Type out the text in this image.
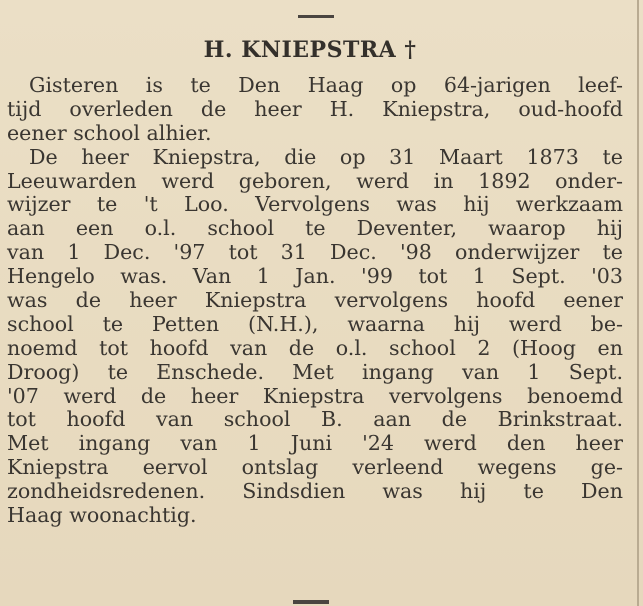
H. KNIEPSTRA †
Gisteren is te Den Haag op 64-jarigen leef-
tijd overleden de heer H. Kniepstra, oud-hoofd
eener school alhier.
De heer Kniepstra, die op 31 Maart 1873 te
Leeuwarden werd geboren, werd in 1892 onder-
wijzer te 't Loo. Vervolgens was hij werkzaam
aan een o.l. school te Deventer, waarop hij
van 1 Dec. '97 tot 31 Dec. '98 onderwijzer te
Hengelo was. Van 1 Jan. '99 tot 1 Sept. '03
was de heer Kniepstra vervolgens hoofd eener
school te Petten (N.H.), waarna hij werd be-
noemd tot hoofd van de o.l. school 2 (Hoog en
Droog) te Enschede. Met ingang van 1 Sept.
'07 werd de heer Kniepstra vervolgens benoemd
tot hoofd van school B. aan de Brinkstraat.
Met ingang van 1 Juni '24 werd den heer
Kniepstra eervol ontslag verleend wegens ge-
zondheidsredenen. Sindsdien was hij te Den
Haag woonachtig.
